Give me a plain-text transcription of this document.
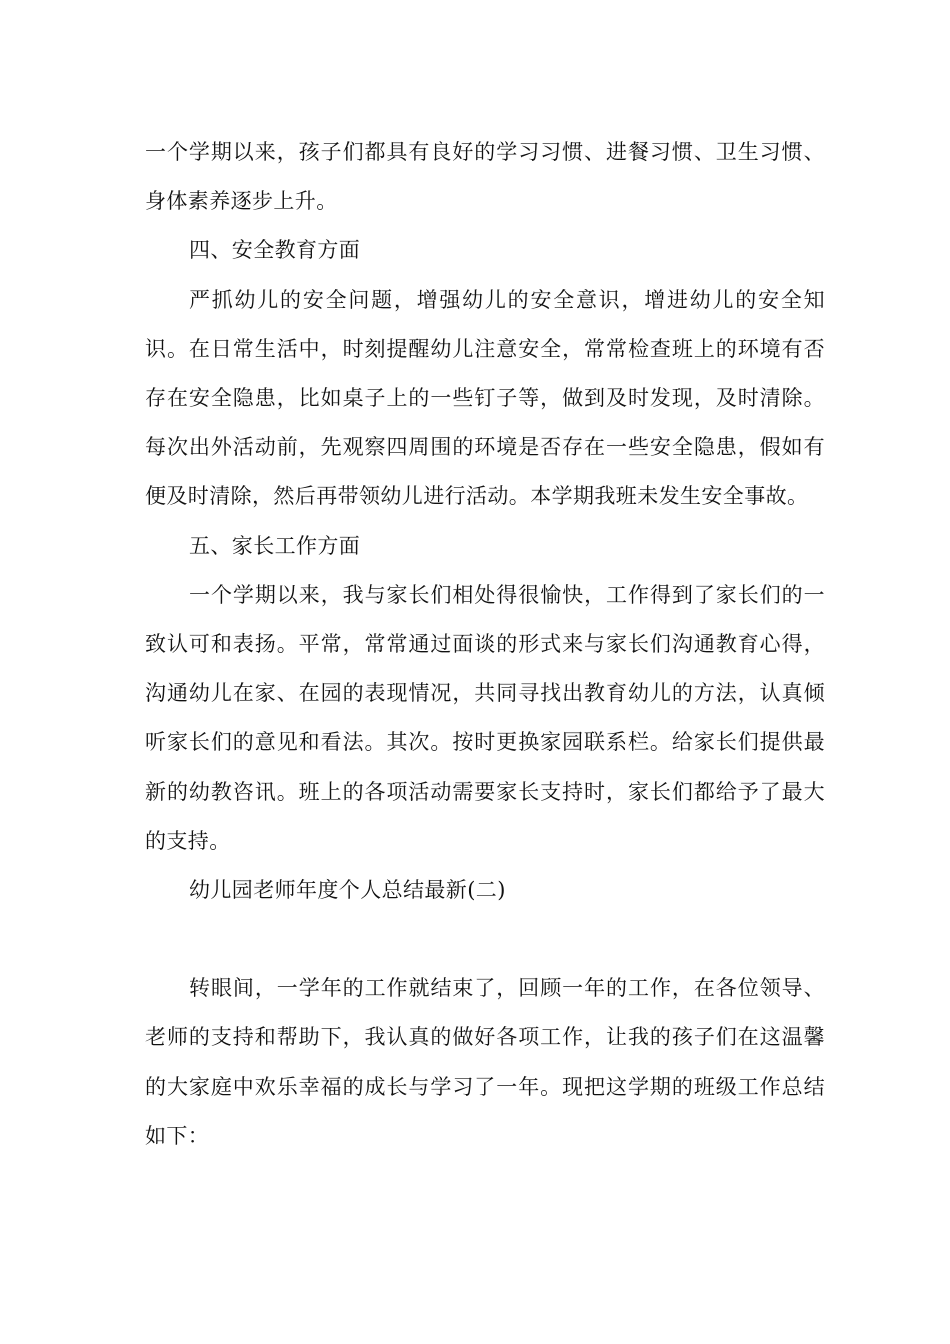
一个学期以来，孩子们都具有良好的学习习惯、进餐习惯、卫生习惯、身体素养逐步上升。

四、安全教育方面

严抓幼儿的安全问题，增强幼儿的安全意识，增进幼儿的安全知识。在日常生活中，时刻提醒幼儿注意安全，常常检查班上的环境有否存在安全隐患，比如桌子上的一些钉子等，做到及时发现，及时清除。每次出外活动前，先观察四周围的环境是否存在一些安全隐患，假如有便及时清除，然后再带领幼儿进行活动。本学期我班未发生安全事故。

五、家长工作方面

一个学期以来，我与家长们相处得很愉快，工作得到了家长们的一致认可和表扬。平常，常常通过面谈的形式来与家长们沟通教育心得，沟通幼儿在家、在园的表现情况，共同寻找出教育幼儿的方法，认真倾听家长们的意见和看法。其次。按时更换家园联系栏。给家长们提供最新的幼教咨讯。班上的各项活动需要家长支持时，家长们都给予了最大的支持。

幼儿园老师年度个人总结最新(二)

转眼间，一学年的工作就结束了，回顾一年的工作，在各位领导、老师的支持和帮助下，我认真的做好各项工作，让我的孩子们在这温馨的大家庭中欢乐幸福的成长与学习了一年。现把这学期的班级工作总结如下：
